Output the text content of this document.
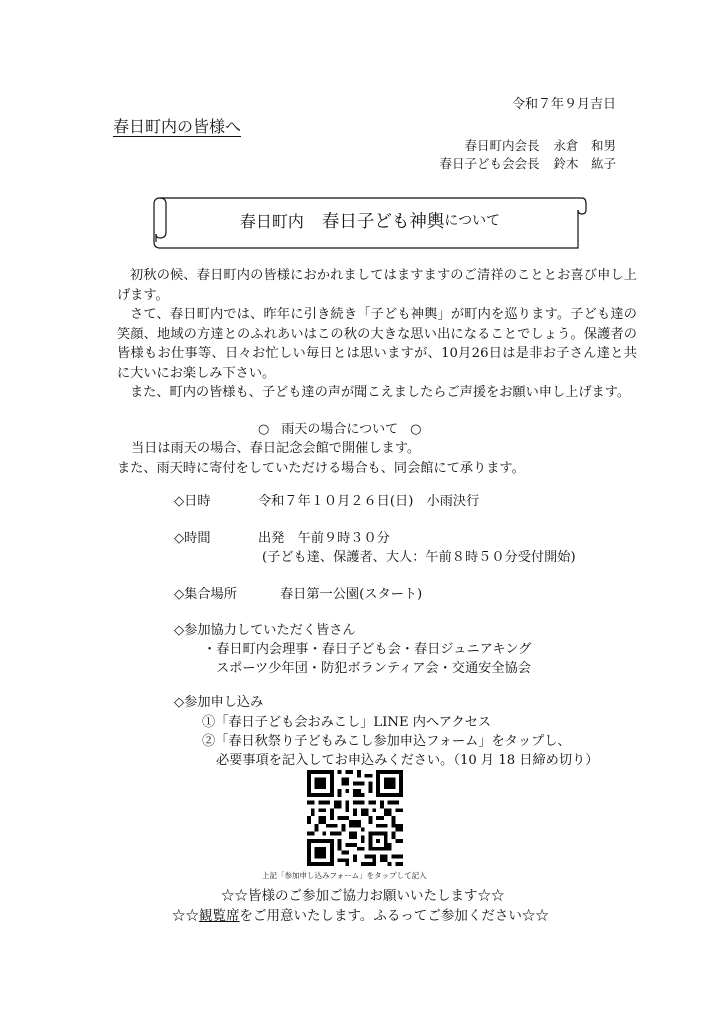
令和７年９月吉日
春日町内の皆様へ
春日町内会長 永倉　和男
春日子ども会会長 鈴木　紘子
春日町内 春日子ども神輿 について
初秋の候、春日町内の皆様におかれましてはますますのご清祥のこととお喜び申し上げます。
さて、春日町内では、昨年に引き続き「子ども神輿」が町内を巡ります。子ども達の笑顔、地域の方達とのふれあいはこの秋の大きな思い出になることでしょう。保護者の皆様もお仕事等、日々お忙しい毎日とは思いますが、10月26日は是非お子さん達と共に大いにお楽しみ下さい。
また、町内の皆様も、子ども達の声が聞こえましたらご声援をお願い申し上げます。
○ 雨天の場合について ○
当日は雨天の場合、春日記念会館で開催します。
また、雨天時に寄付をしていただける場合も、同会館にて承ります。
◇日時	令和７年１０月２６日(日)　小雨決行
◇時間	出発　午前９時３０分
(子ども達、保護者、大人：午前８時５０分受付開始)
◇集合場所	春日第一公園(スタート)
◇参加協力していただく皆さん
・春日町内会理事・春日子ども会・春日ジュニアキング
スポーツ少年団・防犯ボランティア会・交通安全協会
◇参加申し込み
①「春日子ども会おみこし」LINE 内へアクセス
②「春日秋祭り子どもみこし参加申込フォーム」をタップし、
必要事項を記入してお申込みください。（10 月 18 日締め切り）
上記「参加申し込みフォーム」をタップして記入
☆☆皆様のご参加ご協力お願いいたします☆☆
☆☆観覧席をご用意いたします。ふるってご参加ください☆☆
